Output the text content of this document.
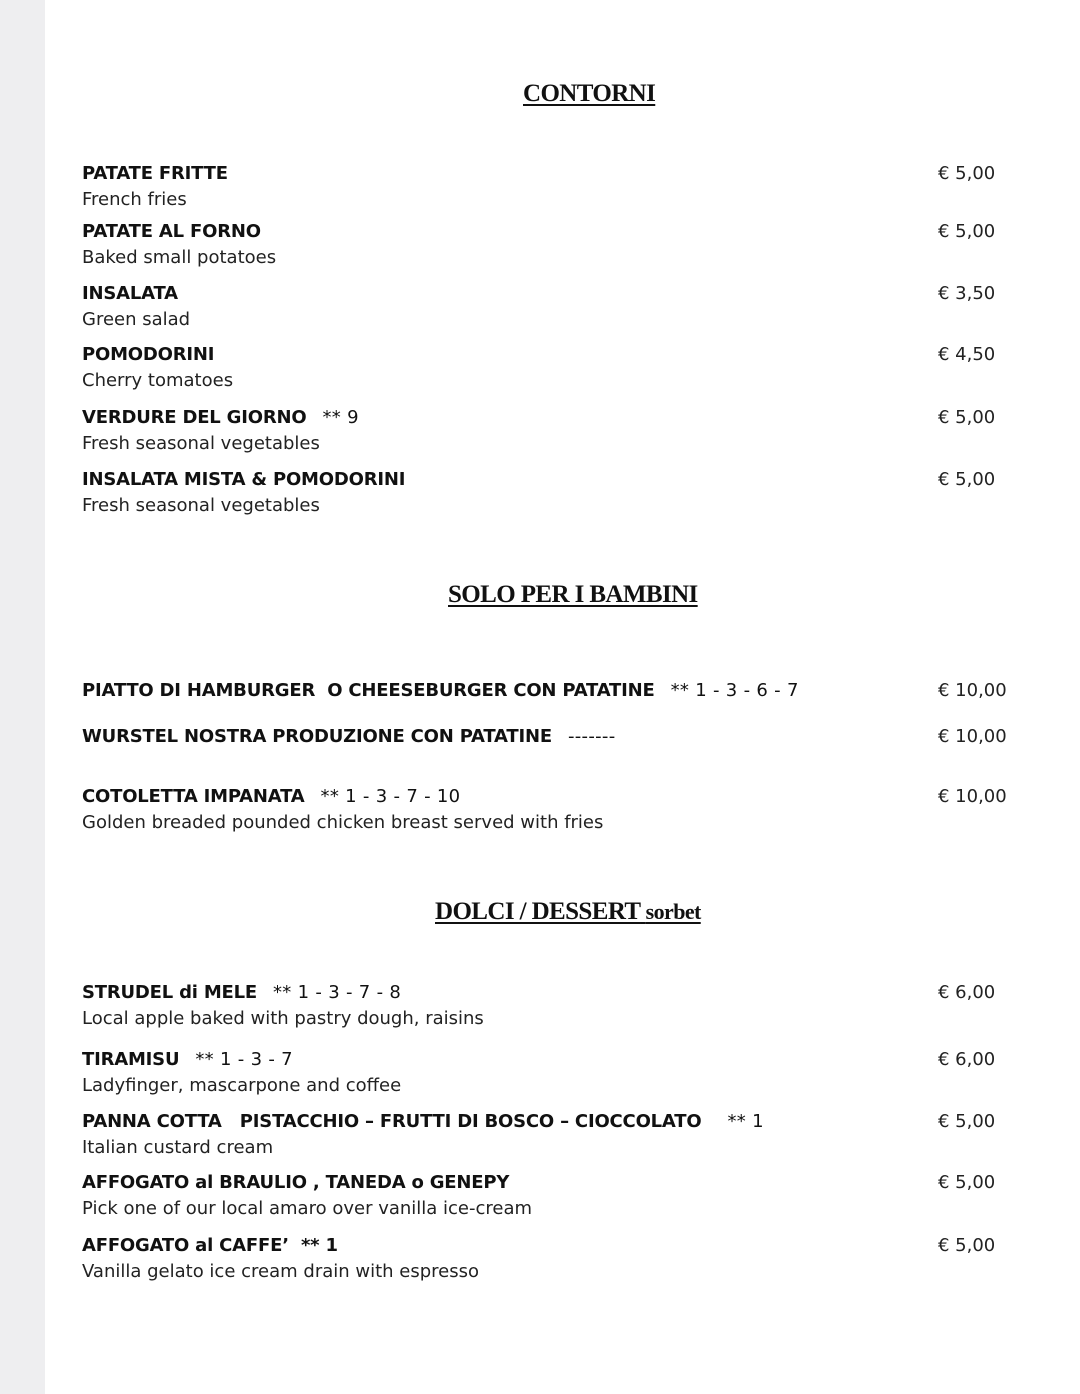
CONTORNI
PATATE FRITTE
French fries
€ 5,00
PATATE AL FORNO
Baked small potatoes
€ 5,00
INSALATA
Green salad
€ 3,50
POMODORINI
Cherry tomatoes
€ 4,50
VERDURE DEL GIORNO ** 9
Fresh seasonal vegetables
€ 5,00
INSALATA MISTA & POMODORINI
Fresh seasonal vegetables
€ 5,00
SOLO PER I BAMBINI
PIATTO DI HAMBURGER  O CHEESEBURGER CON PATATINE ** 1 - 3 - 6 - 7	€ 10,00
WURSTEL NOSTRA PRODUZIONE CON PATATINE -------	€ 10,00
COTOLETTA IMPANATA ** 1 - 3 - 7 - 10
Golden breaded pounded chicken breast served with fries
€ 10,00
DOLCI / DESSERT sorbet
STRUDEL di MELE ** 1 - 3 - 7 - 8
Local apple baked with pastry dough, raisins
€ 6,00
TIRAMISU ** 1 - 3 - 7
Ladyfinger, mascarpone and coffee
€ 6,00
PANNA COTTA   PISTACCHIO – FRUTTI DI BOSCO – CIOCCOLATO ** 1
Italian custard cream
€ 5,00
AFFOGATO al BRAULIO , TANEDA o GENEPY
Pick one of our local amaro over vanilla ice-cream
€ 5,00
AFFOGATO al CAFFE’  ** 1
Vanilla gelato ice cream drain with espresso
€ 5,00
